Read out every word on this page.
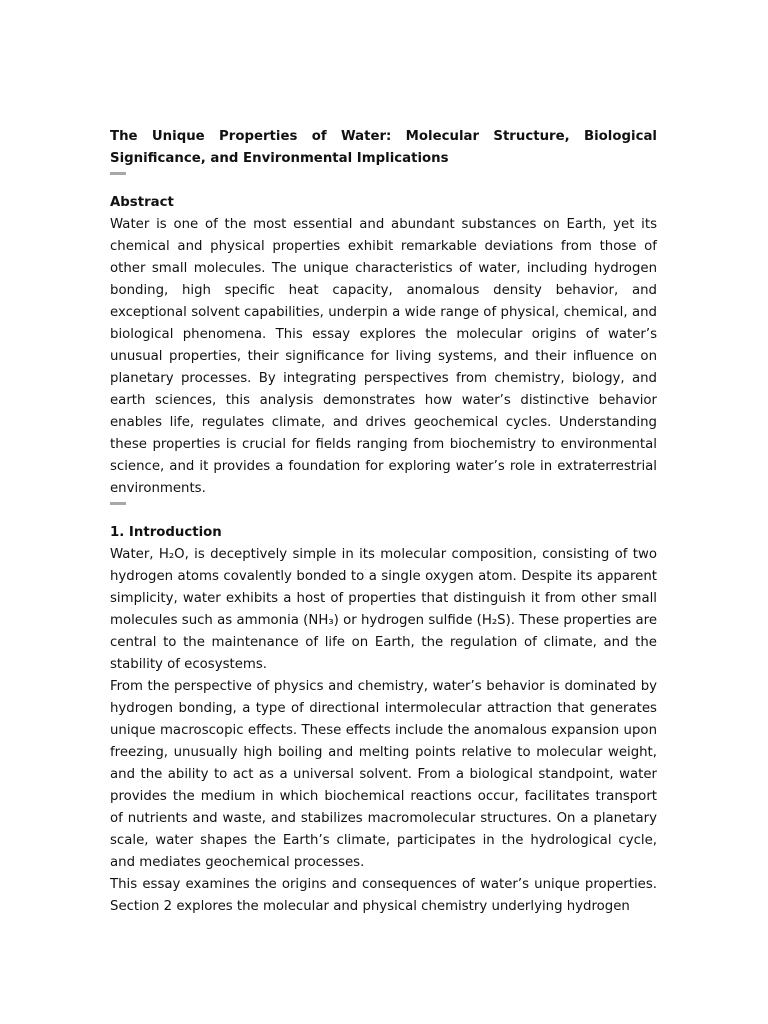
The Unique Properties of Water: Molecular Structure, Biological Significance, and Environmental Implications

Abstract

Water is one of the most essential and abundant substances on Earth, yet its chemical and physical properties exhibit remarkable deviations from those of other small molecules. The unique characteristics of water, including hydrogen bonding, high specific heat capacity, anomalous density behavior, and exceptional solvent capabilities, underpin a wide range of physical, chemical, and biological phenomena. This essay explores the molecular origins of water’s unusual properties, their significance for living systems, and their influence on planetary processes. By integrating perspectives from chemistry, biology, and earth sciences, this analysis demonstrates how water’s distinctive behavior enables life, regulates climate, and drives geochemical cycles. Understanding these properties is crucial for fields ranging from biochemistry to environmental science, and it provides a foundation for exploring water’s role in extraterrestrial environments.

1. Introduction

Water, H₂O, is deceptively simple in its molecular composition, consisting of two hydrogen atoms covalently bonded to a single oxygen atom. Despite its apparent simplicity, water exhibits a host of properties that distinguish it from other small molecules such as ammonia (NH₃) or hydrogen sulfide (H₂S). These properties are central to the maintenance of life on Earth, the regulation of climate, and the stability of ecosystems.

From the perspective of physics and chemistry, water’s behavior is dominated by hydrogen bonding, a type of directional intermolecular attraction that generates unique macroscopic effects. These effects include the anomalous expansion upon freezing, unusually high boiling and melting points relative to molecular weight, and the ability to act as a universal solvent. From a biological standpoint, water provides the medium in which biochemical reactions occur, facilitates transport of nutrients and waste, and stabilizes macromolecular structures. On a planetary scale, water shapes the Earth’s climate, participates in the hydrological cycle, and mediates geochemical processes.

This essay examines the origins and consequences of water’s unique properties. Section 2 explores the molecular and physical chemistry underlying hydrogen
